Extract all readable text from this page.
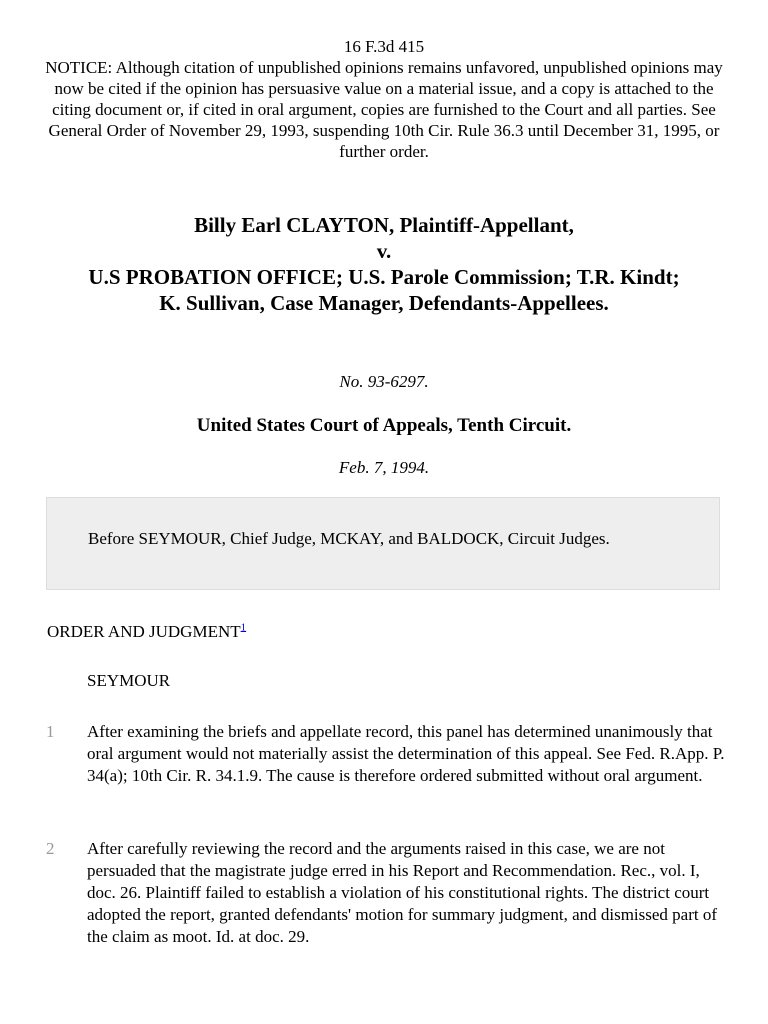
16 F.3d 415
NOTICE: Although citation of unpublished opinions remains unfavored, unpublished opinions may now be cited if the opinion has persuasive value on a material issue, and a copy is attached to the citing document or, if cited in oral argument, copies are furnished to the Court and all parties. See General Order of November 29, 1993, suspending 10th Cir. Rule 36.3 until December 31, 1995, or further order.
Billy Earl CLAYTON, Plaintiff-Appellant,
v.
U.S PROBATION OFFICE; U.S. Parole Commission; T.R. Kindt;
K. Sullivan, Case Manager, Defendants-Appellees.
No. 93-6297.
United States Court of Appeals, Tenth Circuit.
Feb. 7, 1994.
Before SEYMOUR, Chief Judge, MCKAY, and BALDOCK, Circuit Judges.
ORDER AND JUDGMENT$^1$
SEYMOUR
1 After examining the briefs and appellate record, this panel has determined unanimously that oral argument would not materially assist the determination of this appeal. See Fed. R.App. P. 34(a); 10th Cir. R. 34.1.9. The cause is therefore ordered submitted without oral argument.
2 After carefully reviewing the record and the arguments raised in this case, we are not persuaded that the magistrate judge erred in his Report and Recommendation. Rec., vol. I, doc. 26. Plaintiff failed to establish a violation of his constitutional rights. The district court adopted the report, granted defendants' motion for summary judgment, and dismissed part of the claim as moot. Id. at doc. 29.
